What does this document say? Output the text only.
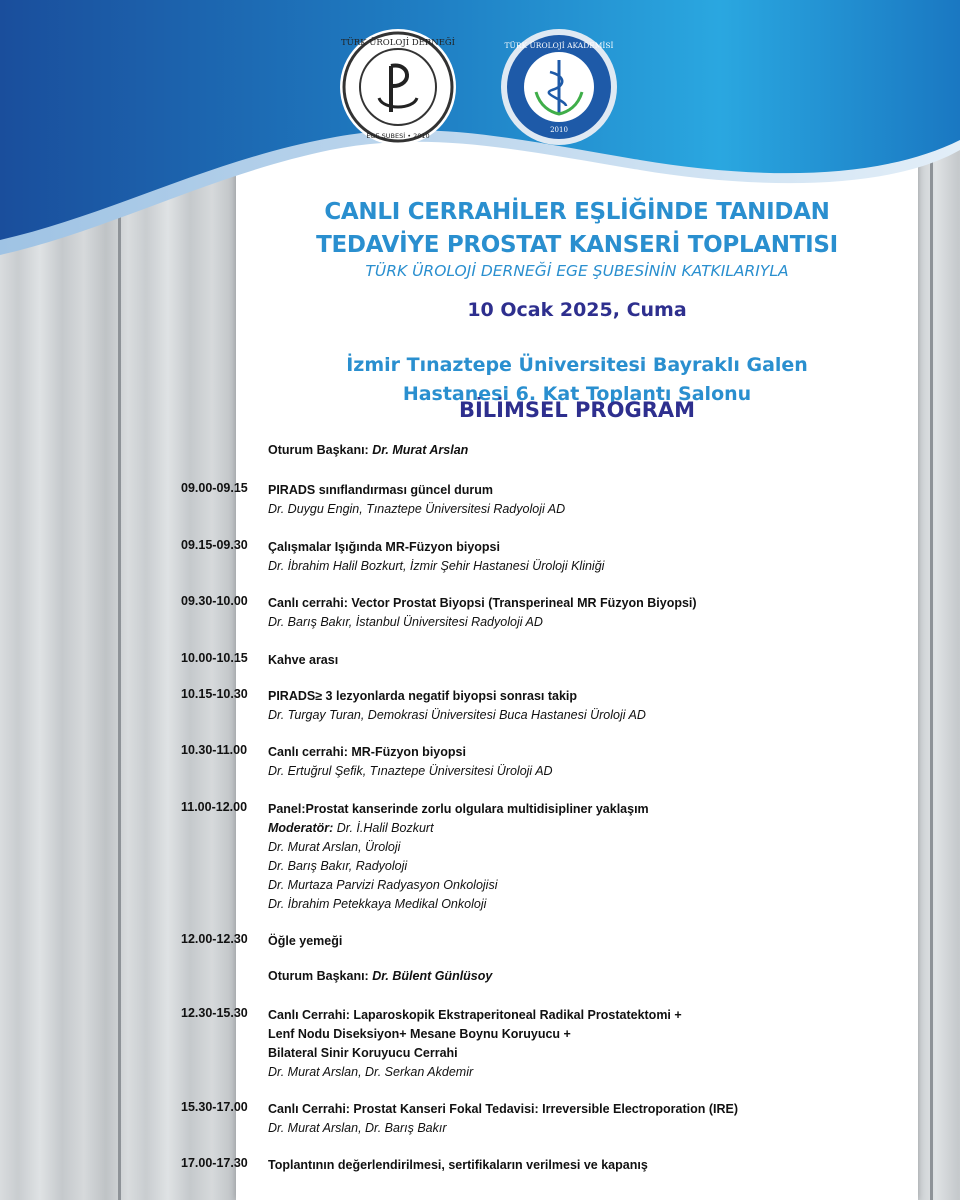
TÜRK ÜROLOJİ DERNEĞİ
EGE ŞUBESİ • 2010
TÜRK ÜROLOJİ AKADEMİSİ
2010
CANLI CERRAHİLER EŞLİĞİNDE TANIDAN
TEDAVİYE PROSTAT KANSERİ TOPLANTISI
TÜRK ÜROLOJİ DERNEĞİ EGE ŞUBESİNİN KATKILARIYLA
10 Ocak 2025, Cuma
İzmir Tınaztepe Üniversitesi Bayraklı Galen
Hastanesi 6. Kat Toplantı Salonu
BİLİMSEL PROGRAM
Oturum Başkanı: Dr. Murat Arslan
09.00-09.15	PIRADS sınıflandırması güncel durum
Dr. Duygu Engin, Tınaztepe Üniversitesi Radyoloji AD
09.15-09.30	Çalışmalar Işığında MR-Füzyon biyopsi
Dr. İbrahim Halil Bozkurt, İzmir Şehir Hastanesi Üroloji Kliniği
09.30-10.00	Canlı cerrahi: Vector Prostat Biyopsi (Transperineal MR Füzyon Biyopsi)
Dr. Barış Bakır, İstanbul Üniversitesi Radyoloji AD
10.00-10.15	Kahve arası
10.15-10.30	PIRADS≥ 3 lezyonlarda negatif biyopsi sonrası takip
Dr. Turgay Turan, Demokrasi Üniversitesi Buca Hastanesi Üroloji AD
10.30-11.00	Canlı cerrahi: MR-Füzyon biyopsi
Dr. Ertuğrul Şefik, Tınaztepe Üniversitesi Üroloji AD
11.00-12.00	Panel:Prostat kanserinde zorlu olgulara multidisipliner yaklaşım
Moderatör: Dr. İ.Halil Bozkurt
Dr. Murat Arslan, Üroloji
Dr. Barış Bakır, Radyoloji
Dr. Murtaza Parvizi Radyasyon Onkolojisi
Dr. İbrahim Petekkaya Medikal Onkoloji
12.00-12.30	Öğle yemeği
Oturum Başkanı: Dr. Bülent Günlüsoy
12.30-15.30	Canlı Cerrahi: Laparoskopik Ekstraperitoneal Radikal Prostatektomi +
Lenf Nodu Diseksiyon+ Mesane Boynu Koruyucu +
Bilateral Sinir Koruyucu Cerrahi
Dr. Murat Arslan, Dr. Serkan Akdemir
15.30-17.00	Canlı Cerrahi: Prostat Kanseri Fokal Tedavisi: Irreversible Electroporation (IRE)
Dr. Murat Arslan, Dr. Barış Bakır
17.00-17.30	Toplantının değerlendirilmesi, sertifikaların verilmesi ve kapanış
